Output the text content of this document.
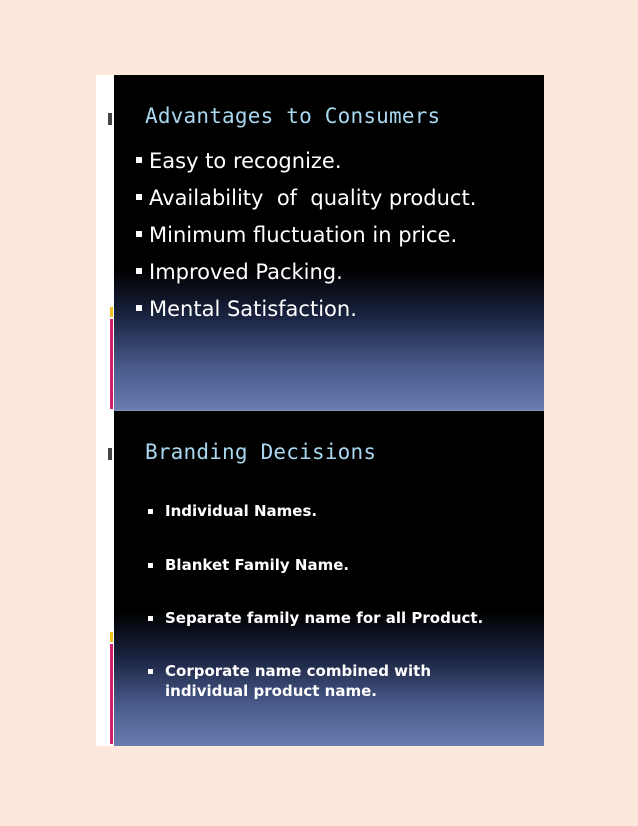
Advantages to Consumers
Easy to recognize.
Availability  of  quality product.
Minimum fluctuation in price.
Improved Packing.
Mental Satisfaction.
Branding Decisions
Individual Names.
Blanket Family Name.
Separate family name for all Product.
Corporate name combined with
individual product name.
